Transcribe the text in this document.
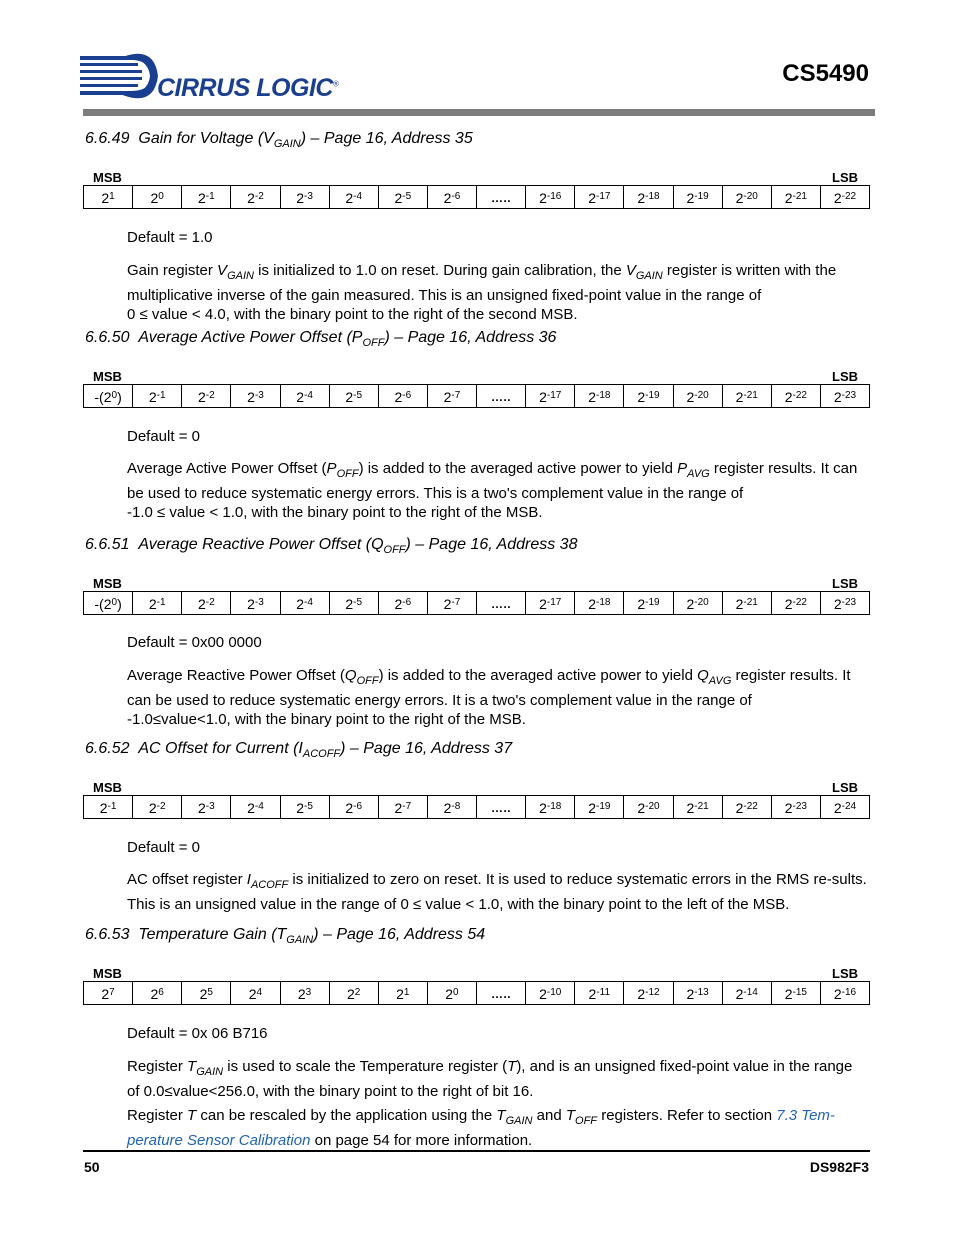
CIRRUS LOGIC®	CS5490
6.6.49 Gain for Voltage $(V_{GAIN})$ – Page 16, Address 35
MSB	LSB
$2^1$	$2^0$ $2^{-1}$ $2^{-2}$ $2^{-3}$ $2^{-4}$ $2^{-5}$ $2^{-6}$	….. $2^{-16}$ $2^{-17}$ $2^{-18}$ $2^{-19}$ $2^{-20}$ $2^{-21}$ $2^{-22}$
Default = 1.0
Gain register $V_{GAIN}$ is initialized to 1.0 on reset. During gain calibration, the $V_{GAIN}$ register is written with the multiplicative inverse of the gain measured. This is an unsigned fixed-point value in the range of
0 ≤ value < 4.0, with the binary point to the right of the second MSB.
6.6.50 Average Active Power Offset $(P_{OFF})$ – Page 16, Address 36
MSB	LSB
$-(2^0$ ) $2^{-1}$ $2^{-2}$ $2^{-3}$ $2^{-4}$ $2^{-5}$ $2^{-6}$ $2^{-7}$	….. $2^{-17}$ $2^{-18}$ $2^{-19}$ $2^{-20}$ $2^{-21}$ $2^{-22}$ $2^{-23}$
Default = 0
Average Active Power Offset $(P_{OFF})$ is added to the averaged active power to yield $P_{AVG}$ register results. It can be used to reduce systematic energy errors. This is a two's complement value in the range of
-1.0 ≤ value < 1.0, with the binary point to the right of the MSB.
6.6.51 Average Reactive Power Offset $(Q_{OFF})$ – Page 16, Address 38
MSB	LSB
$-(2^0$ ) $2^{-1}$ $2^{-2}$ $2^{-3}$ $2^{-4}$ $2^{-5}$ $2^{-6}$ $2^{-7}$	….. $2^{-17}$ $2^{-18}$ $2^{-19}$ $2^{-20}$ $2^{-21}$ $2^{-22}$ $2^{-23}$
Default = 0x00 0000
Average Reactive Power Offset $(Q_{OFF})$ is added to the averaged active power to yield $Q_{AVG}$ register results. It can be used to reduce systematic energy errors. It is a two's complement value in the range of
-1.0≤value<1.0, with the binary point to the right of the MSB.
6.6.52 AC Offset for Current $(I_{ACOFF})$ – Page 16, Address 37
MSB	LSB
$2^{-1}$ $2^{-2}$ $2^{-3}$ $2^{-4}$ $2^{-5}$ $2^{-6}$ $2^{-7}$ $2^{-8}$	….. $2^{-18}$ $2^{-19}$ $2^{-20}$ $2^{-21}$ $2^{-22}$ $2^{-23}$ $2^{-24}$
Default = 0
AC offset register $I_{ACOFF}$ is initialized to zero on reset. It is used to reduce systematic errors in the RMS re-sults. This is an unsigned value in the range of 0 ≤ value < 1.0, with the binary point to the left of the MSB.
6.6.53 Temperature Gain $(T_{GAIN})$ – Page 16, Address 54
MSB	LSB
$2^7$	$2^6$	$2^5$	$2^4$	$2^3$	$2^2$	$2^1$	$2^0$	….. $2^{-10}$ $2^{-11}$ $2^{-12}$ $2^{-13}$ $2^{-14}$ $2^{-15}$ $2^{-16}$
Default = 0x 06 B716
Register $T_{GAIN}$ is used to scale the Temperature register (T), and is an unsigned fixed-point value in the range of 0.0≤value<256.0, with the binary point to the right of bit 16.
Register T can be rescaled by the application using the $T_{GAIN}$ and $T_{OFF}$ registers. Refer to section 7.3 Tem-perature Sensor Calibration on page 54 for more information.
50	DS982F3
